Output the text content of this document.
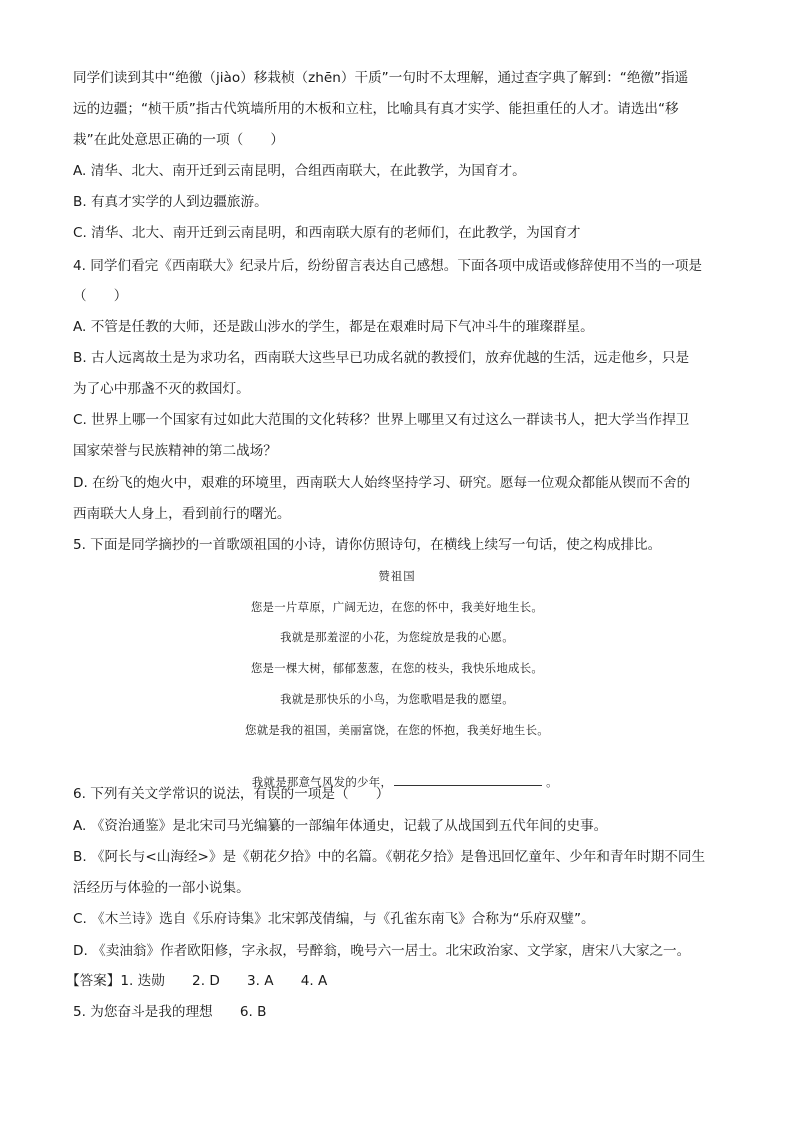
同学们读到其中“绝徼（jiào）移栽桢（zhēn）干质”一句时不太理解，通过查字典了解到：“绝徼”指遥
远的边疆；“桢干质”指古代筑墙所用的木板和立柱，比喻具有真才实学、能担重任的人才。请选出“移
栽”在此处意思正确的一项（　　）
A. 清华、北大、南开迁到云南昆明，合组西南联大，在此教学，为国育才。
B. 有真才实学的人到边疆旅游。
C. 清华、北大、南开迁到云南昆明，和西南联大原有的老师们，在此教学，为国育才
4. 同学们看完《西南联大》纪录片后，纷纷留言表达自己感想。下面各项中成语或修辞使用不当的一项是
（　　）
A. 不管是任教的大师，还是跋山涉水的学生，都是在艰难时局下气冲斗牛的璀璨群星。
B. 古人远离故土是为求功名，西南联大这些早已功成名就的教授们，放弃优越的生活，远走他乡，只是
为了心中那盏不灭的救国灯。
C. 世界上哪一个国家有过如此大范围的文化转移？世界上哪里又有过这么一群读书人，把大学当作捍卫
国家荣誉与民族精神的第二战场？
D. 在纷飞的炮火中，艰难的环境里，西南联大人始终坚持学习、研究。愿每一位观众都能从锲而不舍的
西南联大人身上，看到前行的曙光。
5. 下面是同学摘抄的一首歌颂祖国的小诗，请你仿照诗句，在横线上续写一句话，使之构成排比。
赞祖国
您是一片草原，广阔无边，在您的怀中，我美好地生长。
我就是那羞涩的小花，为您绽放是我的心愿。
您是一棵大树，郁郁葱葱，在您的枝头，我快乐地成长。
我就是那快乐的小鸟，为您歌唱是我的愿望。
您就是我的祖国，美丽富饶，在您的怀抱，我美好地生长。

我就是那意气风发的少年，	。

6. 下列有关文学常识的说法，有误的一项是（　　）
A. 《资治通鉴》是北宋司马光编纂的一部编年体通史，记载了从战国到五代年间的史事。
B. 《阿长与<山海经>》是《朝花夕拾》中的名篇。《朝花夕拾》是鲁迅回忆童年、少年和青年时期不同生
活经历与体验的一部小说集。
C. 《木兰诗》选自《乐府诗集》北宋郭茂倩编，与《孔雀东南飞》合称为“乐府双璧”。
D. 《卖油翁》作者欧阳修，字永叔，号醉翁，晚号六一居士。北宋政治家、文学家，唐宋八大家之一。
【答案】1. 迭勋　　2. D　　3. A　　4. A
5. 为您奋斗是我的理想　　6. B
